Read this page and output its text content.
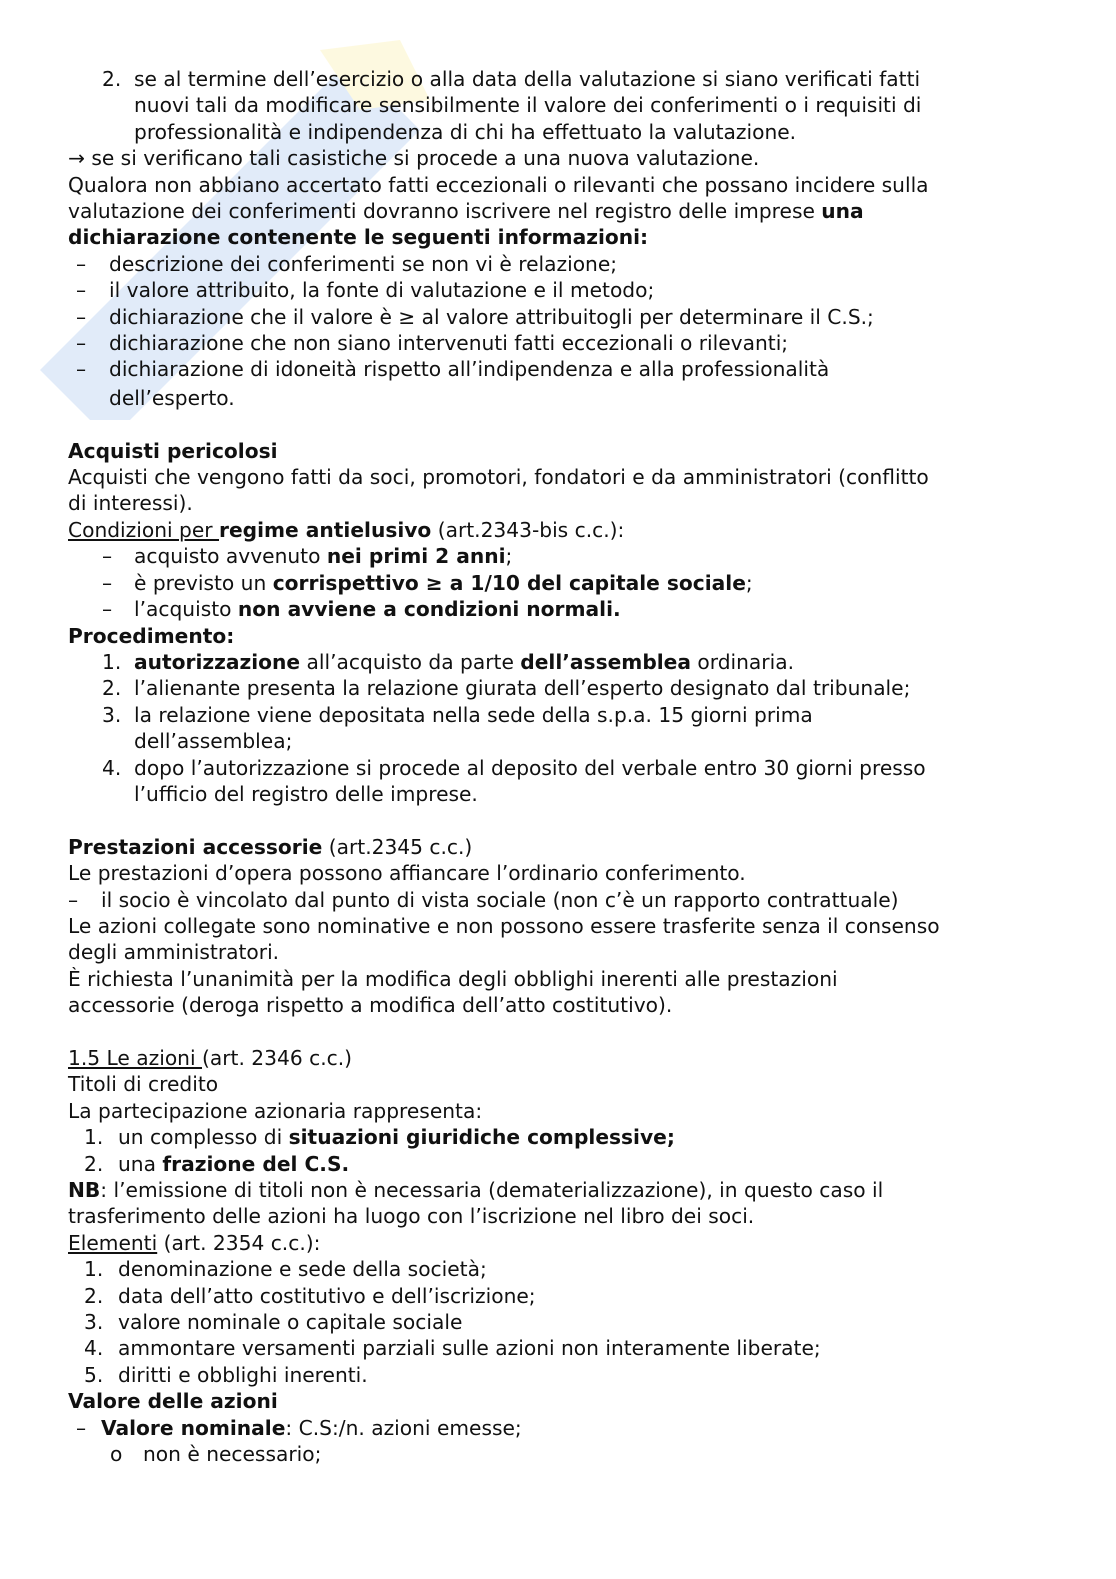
2. se al termine dell’esercizio o alla data della valutazione si siano verificati fatti
nuovi tali da modificare sensibilmente il valore dei conferimenti o i requisiti di
professionalità e indipendenza di chi ha effettuato la valutazione.
→ se si verificano tali casistiche si procede a una nuova valutazione.
Qualora non abbiano accertato fatti eccezionali o rilevanti che possano incidere sulla
valutazione dei conferimenti dovranno iscrivere nel registro delle imprese una
dichiarazione contenente le seguenti informazioni:
–	descrizione dei conferimenti se non vi è relazione;
–	il valore attribuito, la fonte di valutazione e il metodo;
–	dichiarazione che il valore è ≥ al valore attribuitogli per determinare il C.S.;
–	dichiarazione che non siano intervenuti fatti eccezionali o rilevanti;
–	dichiarazione di idoneità rispetto all’indipendenza e alla professionalità
dell’esperto.
Acquisti pericolosi
Acquisti che vengono fatti da soci, promotori, fondatori e da amministratori (conflitto
di interessi).
Condizioni per regime antielusivo (art.2343-bis c.c.):
–	acquisto avvenuto nei primi 2 anni;
–	è previsto un corrispettivo ≥ a 1/10 del capitale sociale;
–	l’acquisto non avviene a condizioni normali.
Procedimento:
1. autorizzazione all’acquisto da parte dell’assemblea ordinaria.
2. l’alienante presenta la relazione giurata dell’esperto designato dal tribunale;
3. la relazione viene depositata nella sede della s.p.a. 15 giorni prima
dell’assemblea;
4. dopo l’autorizzazione si procede al deposito del verbale entro 30 giorni presso
l’ufficio del registro delle imprese.
Prestazioni accessorie (art.2345 c.c.)
Le prestazioni d’opera possono affiancare l’ordinario conferimento.
–	il socio è vincolato dal punto di vista sociale (non c’è un rapporto contrattuale)
Le azioni collegate sono nominative e non possono essere trasferite senza il consenso
degli amministratori.
È richiesta l’unanimità per la modifica degli obblighi inerenti alle prestazioni
accessorie (deroga rispetto a modifica dell’atto costitutivo).
1.5 Le azioni (art. 2346 c.c.)
Titoli di credito
La partecipazione azionaria rappresenta:
1. un complesso di situazioni giuridiche complessive;
2. una frazione del C.S.
NB: l’emissione di titoli non è necessaria (dematerializzazione), in questo caso il
trasferimento delle azioni ha luogo con l’iscrizione nel libro dei soci.
Elementi (art. 2354 c.c.):
1. denominazione e sede della società;
2. data dell’atto costitutivo e dell’iscrizione;
3. valore nominale o capitale sociale
4. ammontare versamenti parziali sulle azioni non interamente liberate;
5. diritti e obblighi inerenti.
Valore delle azioni
– Valore nominale: C.S:/n. azioni emesse;
o	non è necessario;
